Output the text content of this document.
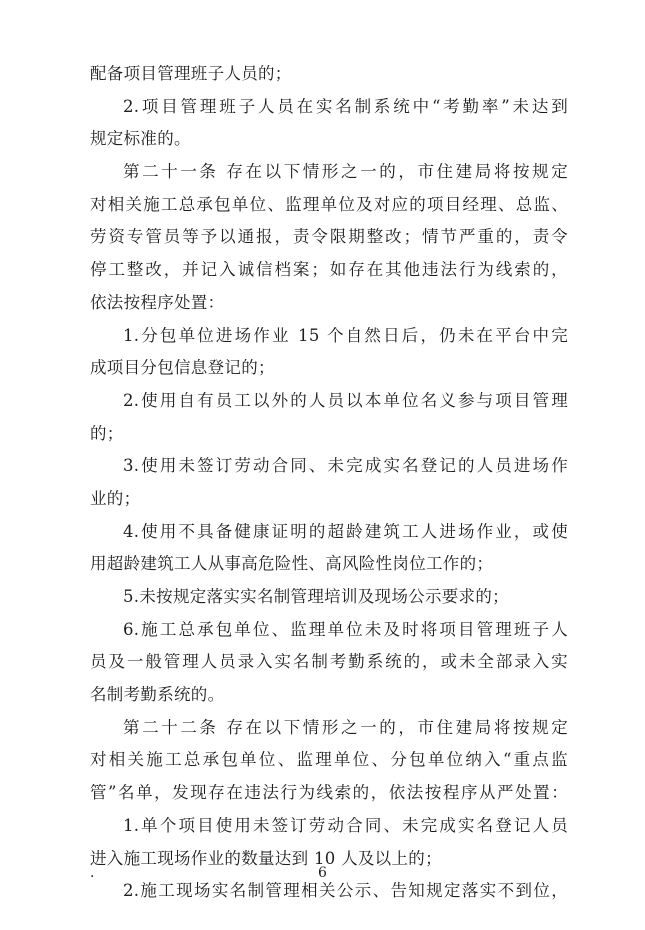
配备项目管理班子人员的；
2.项目管理班子人员在实名制系统中“考勤率”未达到
规定标准的。
第二十一条 存在以下情形之一的，市住建局将按规定
对相关施工总承包单位、监理单位及对应的项目经理、总监、
劳资专管员等予以通报，责令限期整改；情节严重的，责令
停工整改，并记入诚信档案；如存在其他违法行为线索的，
依法按程序处置：
1.分包单位进场作业 15 个自然日后，仍未在平台中完
成项目分包信息登记的；
2.使用自有员工以外的人员以本单位名义参与项目管理
的；
3.使用未签订劳动合同、未完成实名登记的人员进场作
业的；
4.使用不具备健康证明的超龄建筑工人进场作业，或使
用超龄建筑工人从事高危险性、高风险性岗位工作的；
5.未按规定落实实名制管理培训及现场公示要求的；
6.施工总承包单位、监理单位未及时将项目管理班子人
员及一般管理人员录入实名制考勤系统的，或未全部录入实
名制考勤系统的。
第二十二条 存在以下情形之一的，市住建局将按规定
对相关施工总承包单位、监理单位、分包单位纳入“重点监
管”名单，发现存在违法行为线索的，依法按程序从严处置：
1.单个项目使用未签订劳动合同、未完成实名登记人员
进入施工现场作业的数量达到 10 人及以上的；
2.施工现场实名制管理相关公示、告知规定落实不到位，
·	6
